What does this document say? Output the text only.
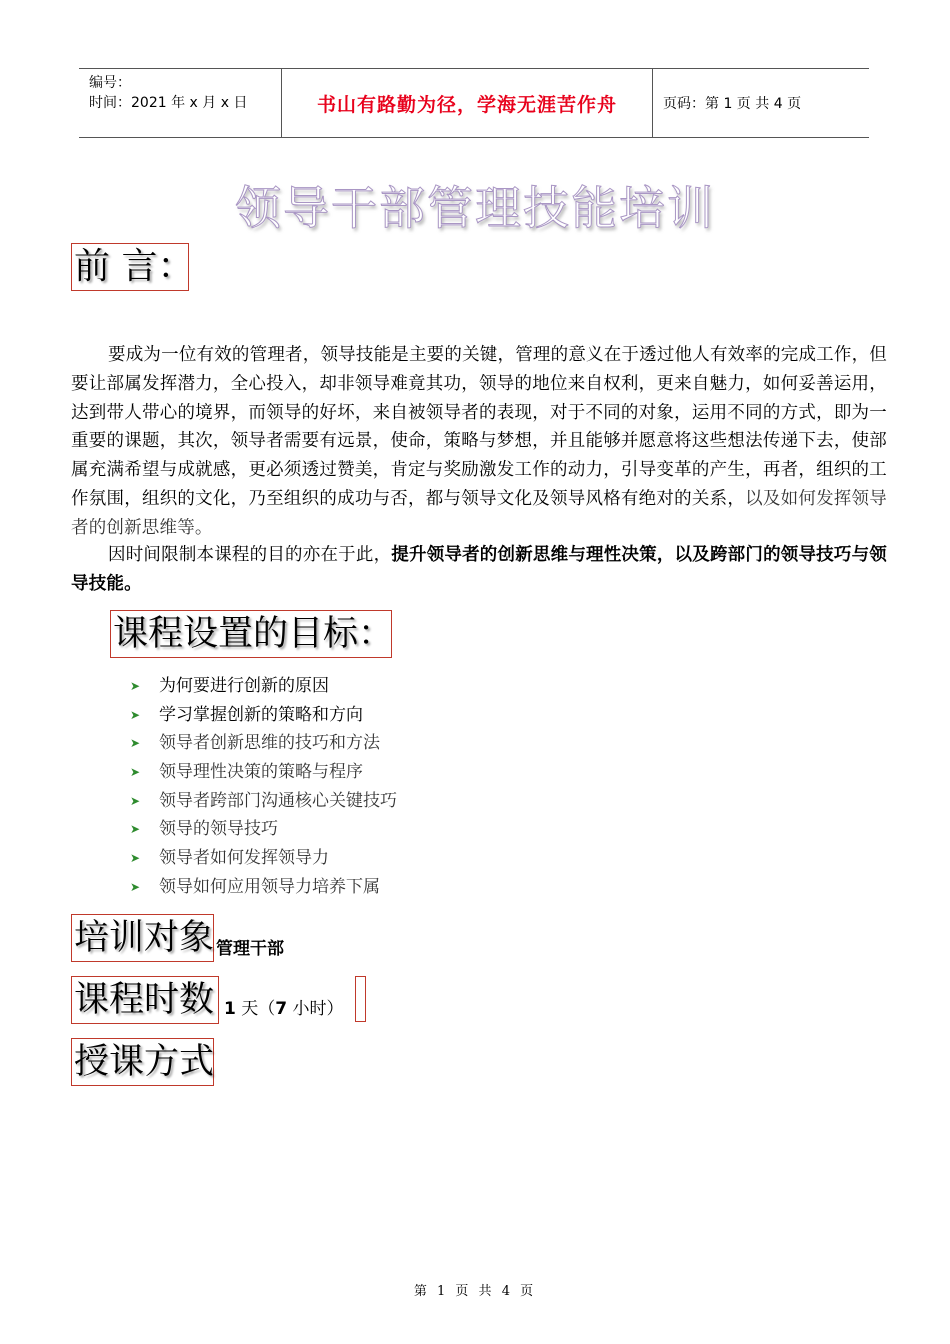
编号：
时间：2021 年 x 月 x 日	书山有路勤为径，学海无涯苦作舟	页码：第 1 页 共 4 页
领导干部管理技能培训
前 言：
要成为一位有效的管理者，领导技能是主要的关键，管理的意义在于透过他人有效率的完成工作，但要让部属发挥潜力，全心投入，却非领导难竟其功，领导的地位来自权利，更来自魅力，如何妥善运用，达到带人带心的境界，而领导的好坏，来自被领导者的表现，对于不同的对象，运用不同的方式，即为一重要的课题，其次，领导者需要有远景，使命，策略与梦想，并且能够并愿意将这些想法传递下去，使部属充满希望与成就感，更必须透过赞美，肯定与奖励激发工作的动力，引导变革的产生，再者，组织的工作氛围，组织的文化，乃至组织的成功与否，都与领导文化及领导风格有绝对的关系，以及如何发挥领导者的创新思维等。
因时间限制本课程的目的亦在于此，提升领导者的创新思维与理性决策，以及跨部门的领导技巧与领导技能。
课程设置的目标：
➤	为何要进行创新的原因
➤	学习掌握创新的策略和方向
➤	领导者创新思维的技巧和方法
➤	领导理性决策的策略与程序
➤	领导者跨部门沟通核心关键技巧
➤	领导的领导技巧
➤	领导者如何发挥领导力
➤	领导如何应用领导力培养下属
培训对象 管理干部
课程时数 1 天（7 小时）
授课方式
第 1 页 共 4 页
